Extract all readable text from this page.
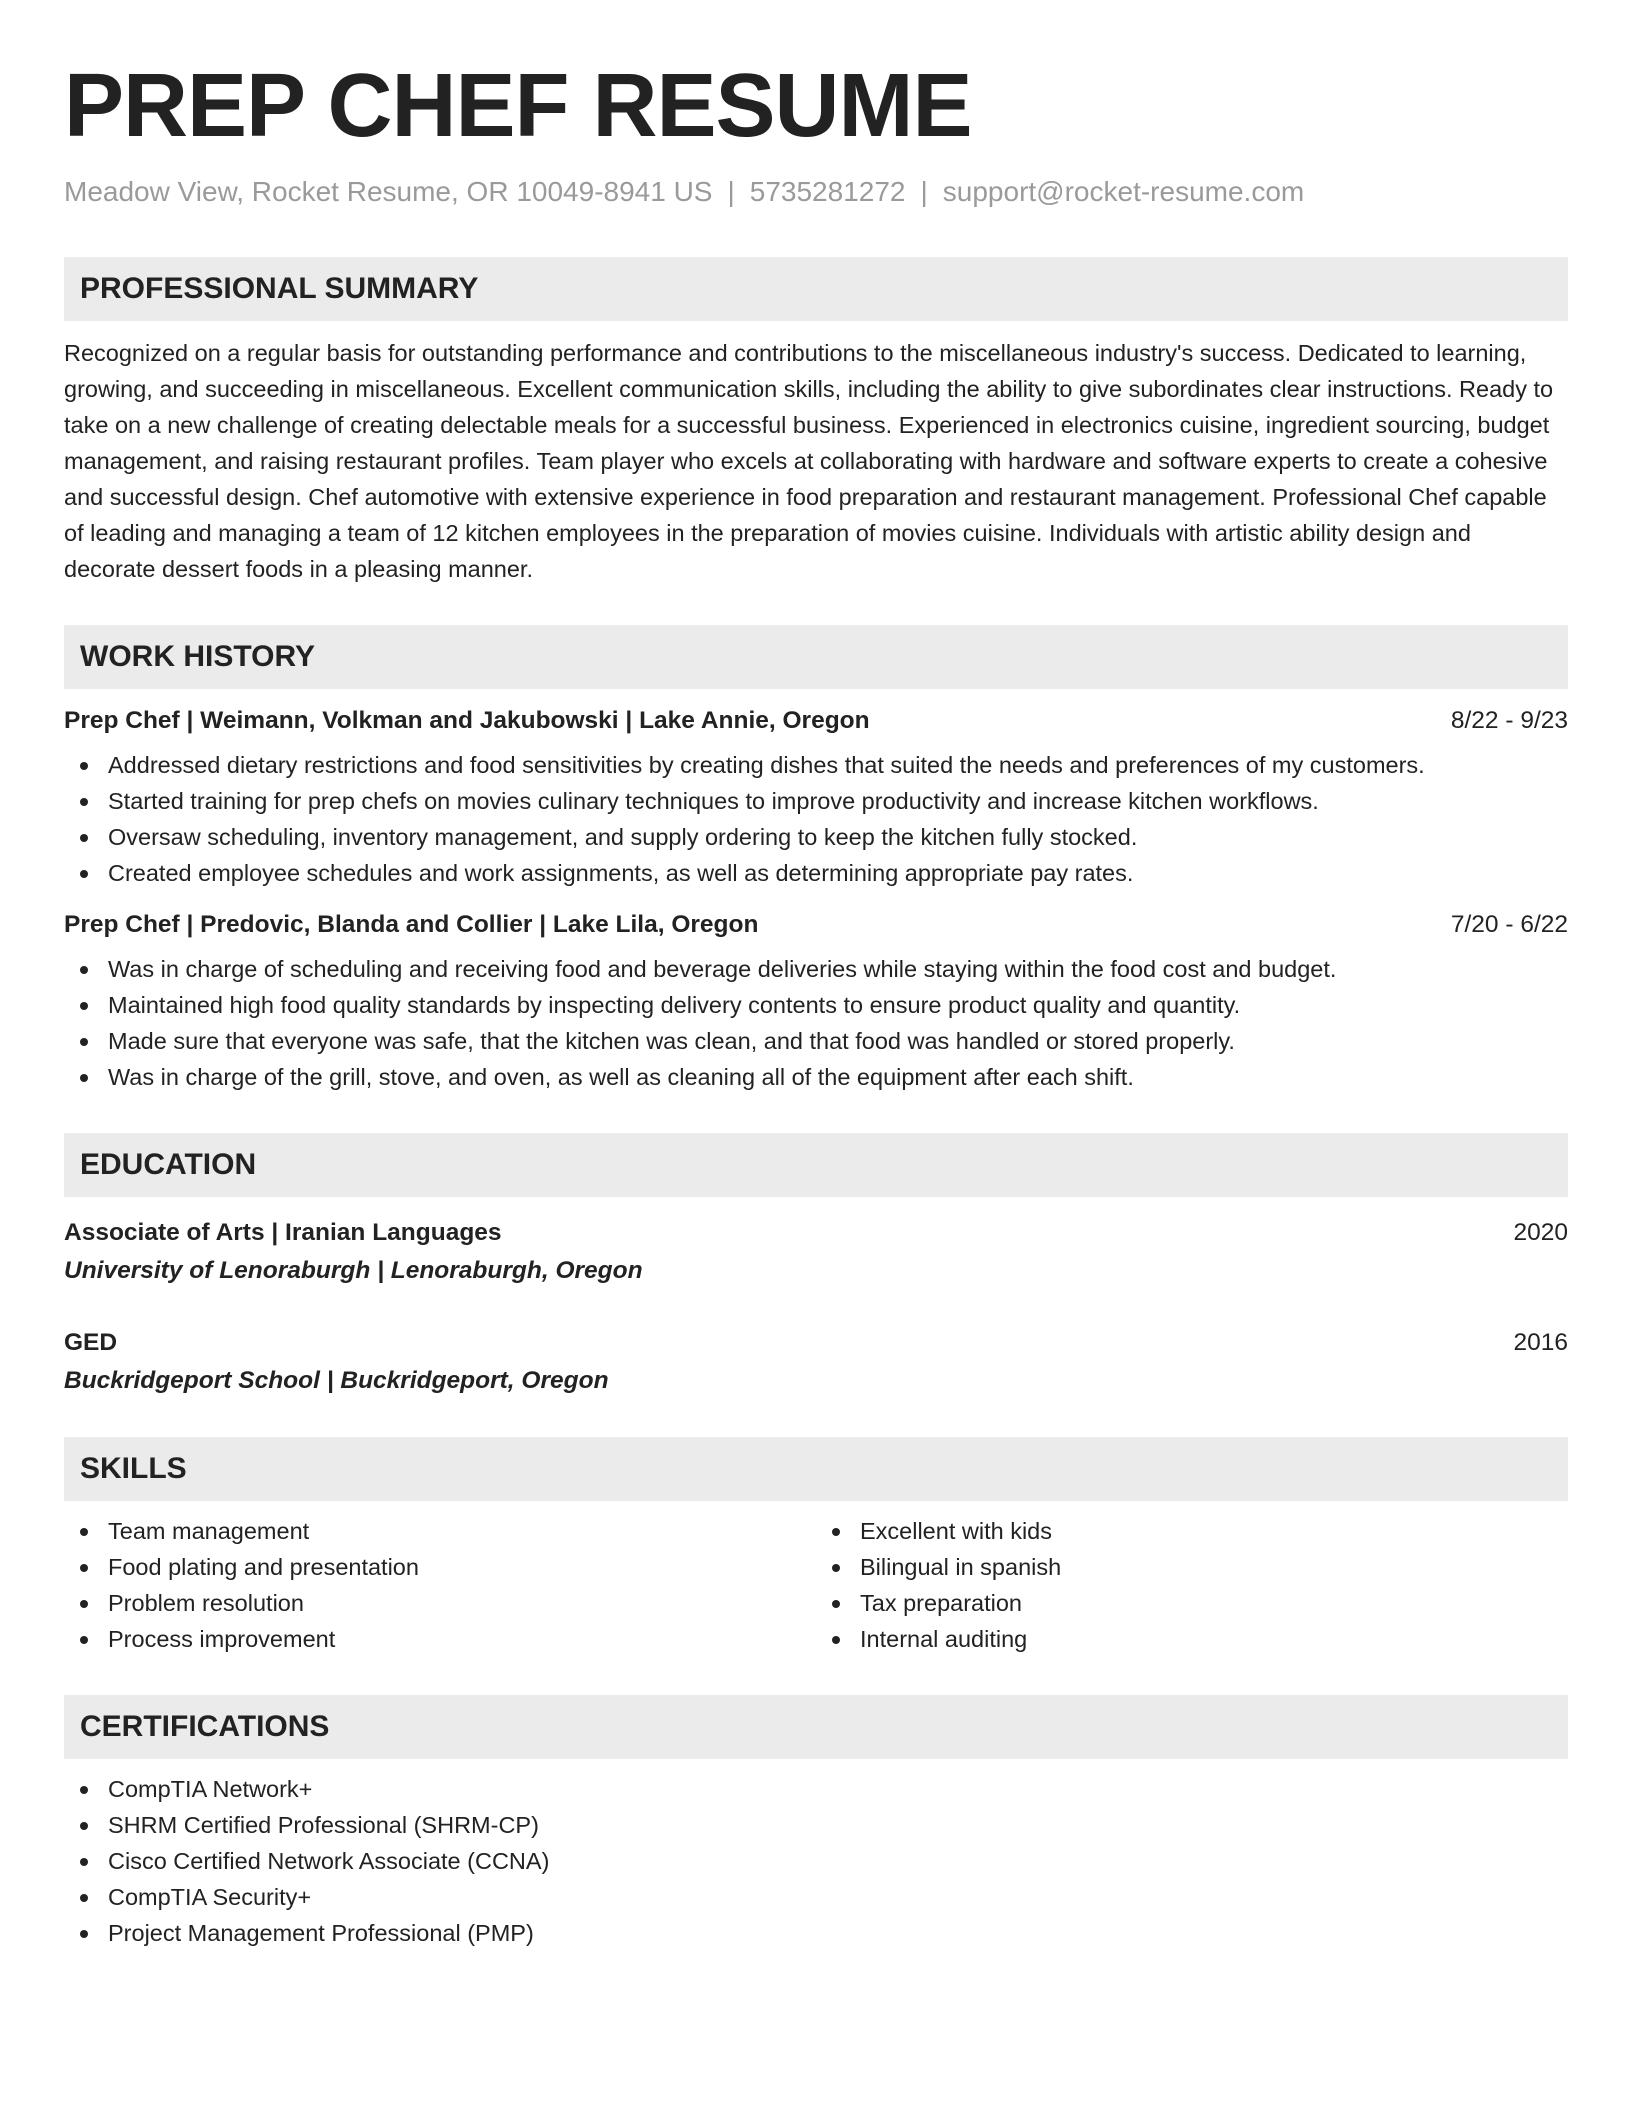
PREP CHEF RESUME
Meadow View, Rocket Resume, OR 10049-8941 US | 5735281272 | support@rocket-resume.com
PROFESSIONAL SUMMARY

Recognized on a regular basis for outstanding performance and contributions to the miscellaneous industry's success. Dedicated to learning, growing, and succeeding in miscellaneous. Excellent communication skills, including the ability to give subordinates clear instructions. Ready to take on a new challenge of creating delectable meals for a successful business. Experienced in electronics cuisine, ingredient sourcing, budget management, and raising restaurant profiles. Team player who excels at collaborating with hardware and software experts to create a cohesive and successful design. Chef automotive with extensive experience in food preparation and restaurant management. Professional Chef capable of leading and managing a team of 12 kitchen employees in the preparation of movies cuisine. Individuals with artistic ability design and decorate dessert foods in a pleasing manner.

WORK HISTORY
Prep Chef | Weimann, Volkman and Jakubowski | Lake Annie, Oregon	8/22 - 9/23
Addressed dietary restrictions and food sensitivities by creating dishes that suited the needs and preferences of my customers.
Started training for prep chefs on movies culinary techniques to improve productivity and increase kitchen workflows.
Oversaw scheduling, inventory management, and supply ordering to keep the kitchen fully stocked.
Created employee schedules and work assignments, as well as determining appropriate pay rates.
Prep Chef | Predovic, Blanda and Collier | Lake Lila, Oregon	7/20 - 6/22
Was in charge of scheduling and receiving food and beverage deliveries while staying within the food cost and budget.
Maintained high food quality standards by inspecting delivery contents to ensure product quality and quantity.
Made sure that everyone was safe, that the kitchen was clean, and that food was handled or stored properly.
Was in charge of the grill, stove, and oven, as well as cleaning all of the equipment after each shift.
EDUCATION
Associate of Arts | Iranian Languages	2020
University of Lenoraburgh | Lenoraburgh, Oregon
GED	2016
Buckridgeport School | Buckridgeport, Oregon
SKILLS
Team management
Food plating and presentation
Problem resolution
Process improvement
Excellent with kids
Bilingual in spanish
Tax preparation
Internal auditing
CERTIFICATIONS
CompTIA Network+
SHRM Certified Professional (SHRM-CP)
Cisco Certified Network Associate (CCNA)
CompTIA Security+
Project Management Professional (PMP)
